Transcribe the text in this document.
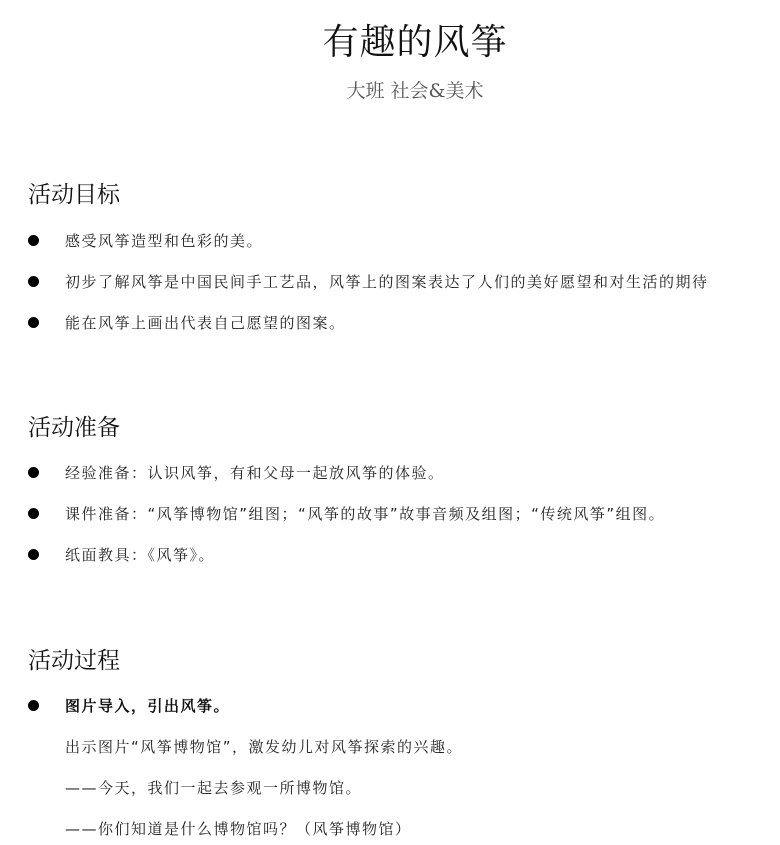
有趣的风筝

大班 社会&美术

活动目标
感受风筝造型和色彩的美。
初步了解风筝是中国民间手工艺品，风筝上的图案表达了人们的美好愿望和对生活的期待
能在风筝上画出代表自己愿望的图案。
活动准备
经验准备：认识风筝，有和父母一起放风筝的体验。
课件准备：“风筝博物馆”组图；“风筝的故事”故事音频及组图；“传统风筝”组图。
纸面教具：《风筝》。
活动过程
图片导入，引出风筝。

出示图片“风筝博物馆”，激发幼儿对风筝探索的兴趣。

——今天，我们一起去参观一所博物馆。

——你们知道是什么博物馆吗？（风筝博物馆）
